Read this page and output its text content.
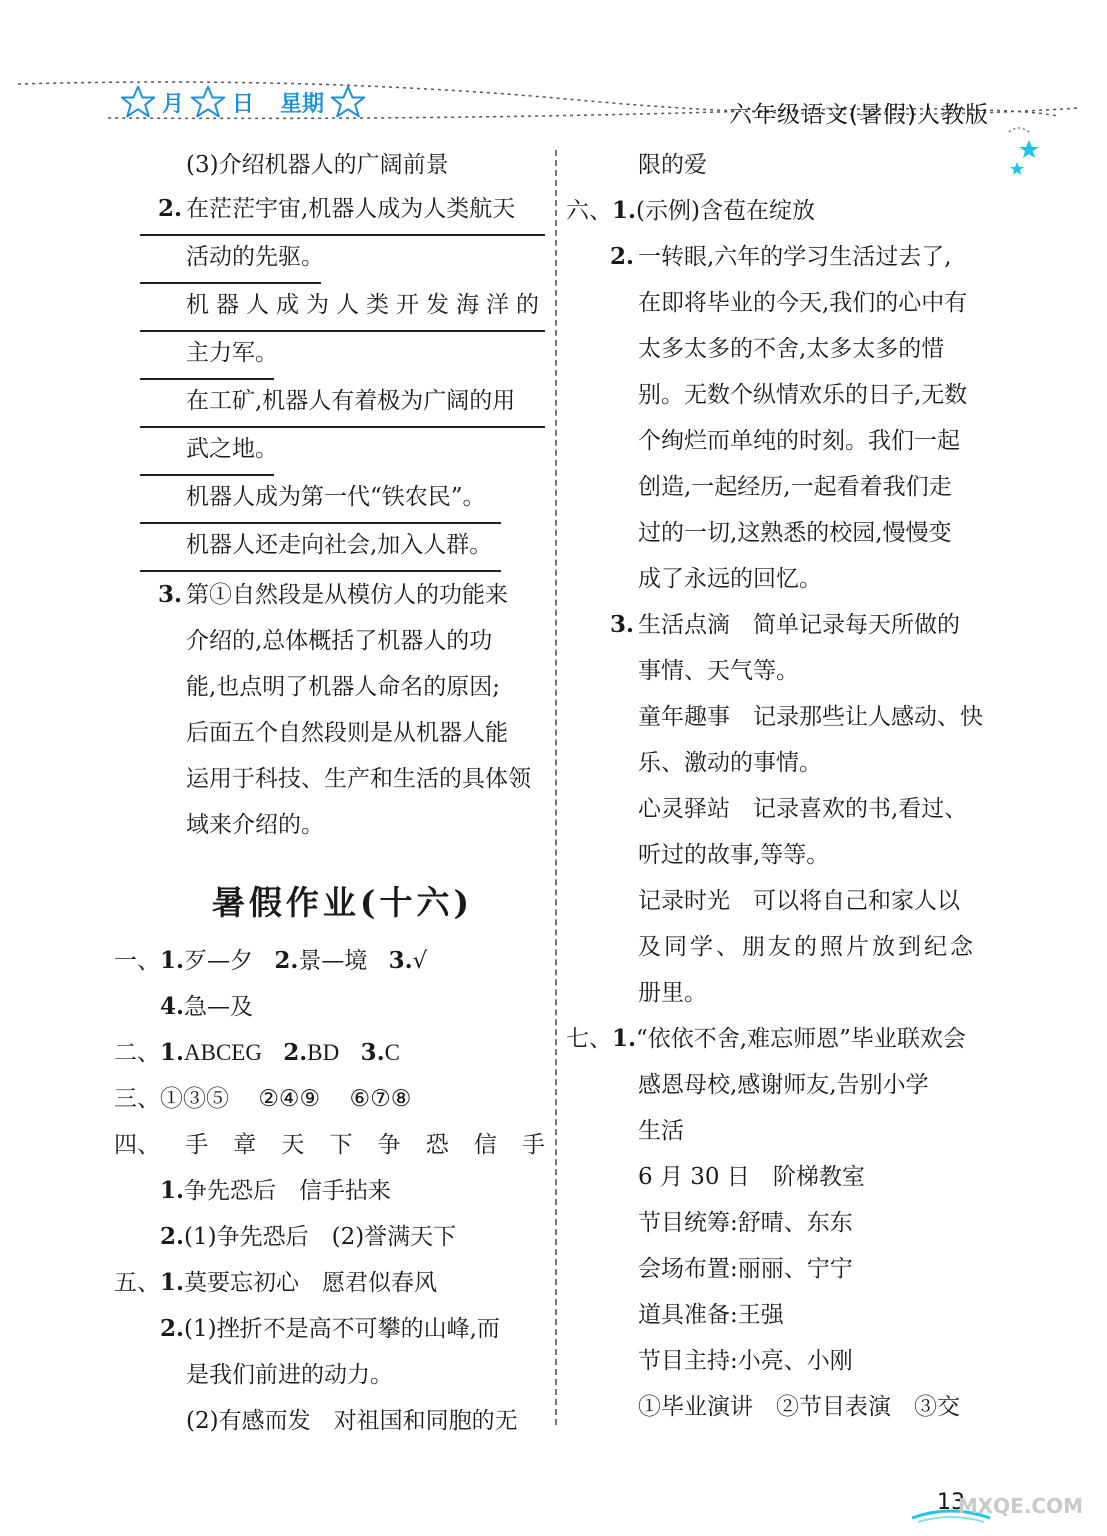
月 日 星期	六年级语文(暑假)人教版
(3)介绍机器人的广阔前景
2. 在茫茫宇宙,机器人成为人类航天
活动的先驱。
机器人成为人类开发海洋的
主力军。
在工矿,机器人有着极为广阔的用
武之地。
机器人成为第一代“铁农民”。
机器人还走向社会,加入人群。
3. 第①自然段是从模仿人的功能来
介绍的,总体概括了机器人的功
能,也点明了机器人命名的原因;
后面五个自然段则是从机器人能
运用于科技、生产和生活的具体领
域来介绍的。
暑假作业(十六)
一、1.歹—夕 2.景—境 3.√
4.急—及
二、1.ABCEG 2.BD 3.C
三、①③⑤ ②④⑨ ⑥⑦⑧
四、 手 章 天 下 争 恐 信 手
1.争先恐后　信手拈来
2.(1)争先恐后　(2)誉满天下
五、1.莫要忘初心　愿君似春风
2.(1)挫折不是高不可攀的山峰,而
是我们前进的动力。
(2)有感而发　对祖国和同胞的无
限的爱
六、1.(示例)含苞在绽放
2. 一转眼,六年的学习生活过去了,
在即将毕业的今天,我们的心中有
太多太多的不舍,太多太多的惜
别。无数个纵情欢乐的日子,无数
个绚烂而单纯的时刻。我们一起
创造,一起经历,一起看着我们走
过的一切,这熟悉的校园,慢慢变
成了永远的回忆。
3. 生活点滴　简单记录每天所做的
事情、天气等。
童年趣事　记录那些让人感动、快
乐、激动的事情。
心灵驿站　记录喜欢的书,看过、
听过的故事,等等。
记录时光　可以将自己和家人以
及同学、朋友的照片放到纪念
册里。
七、1.“依依不舍,难忘师恩”毕业联欢会
感恩母校,感谢师友,告别小学
生活
6 月 30 日　阶梯教室
节目统筹:舒晴、东东
会场布置:丽丽、宁宁
道具准备:王强
节目主持:小亮、小刚
①毕业演讲　②节目表演　③交
13
MXQE.COM
